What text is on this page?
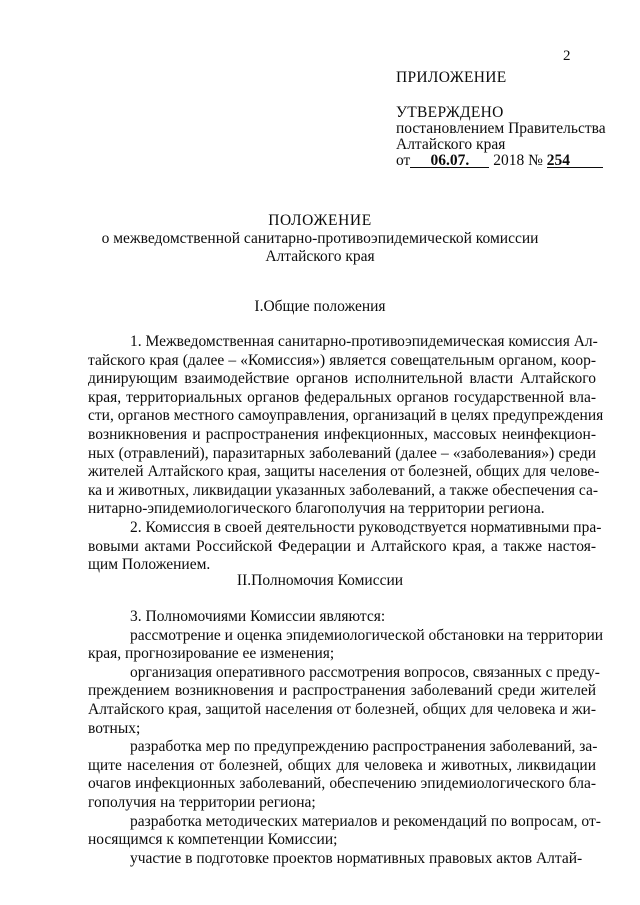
2
ПРИЛОЖЕНИЕ
УТВЕРЖДЕНО
постановлением Правительства
Алтайского края
от 06.07. 2018 № 254
ПОЛОЖЕНИЕ
о межведомственной санитарно-противоэпидемической комиссии
Алтайского края
I.Общие положения
1. Межведомственная санитарно-противоэпидемическая комиссия Ал-
тайского края (далее – «Комиссия») является совещательным органом, коор-
динирующим взаимодействие органов исполнительной власти Алтайского
края, территориальных органов федеральных органов государственной вла-
сти, органов местного самоуправления, организаций в целях предупреждения
возникновения и распространения инфекционных, массовых неинфекцион-
ных (отравлений), паразитарных заболеваний (далее – «заболевания») среди
жителей Алтайского края, защиты населения от болезней, общих для челове-
ка и животных, ликвидации указанных заболеваний, а также обеспечения са-
нитарно-эпидемиологического благополучия на территории региона.
2. Комиссия в своей деятельности руководствуется нормативными пра-
вовыми актами Российской Федерации и Алтайского края, а также настоя-
щим Положением.
II.Полномочия Комиссии
3. Полномочиями Комиссии являются:
рассмотрение и оценка эпидемиологической обстановки на территории
края, прогнозирование ее изменения;
организация оперативного рассмотрения вопросов, связанных с преду-
преждением возникновения и распространения заболеваний среди жителей
Алтайского края, защитой населения от болезней, общих для человека и жи-
вотных;
разработка мер по предупреждению распространения заболеваний, за-
щите населения от болезней, общих для человека и животных, ликвидации
очагов инфекционных заболеваний, обеспечению эпидемиологического бла-
гополучия на территории региона;
разработка методических материалов и рекомендаций по вопросам, от-
носящимся к компетенции Комиссии;
участие в подготовке проектов нормативных правовых актов Алтай-
